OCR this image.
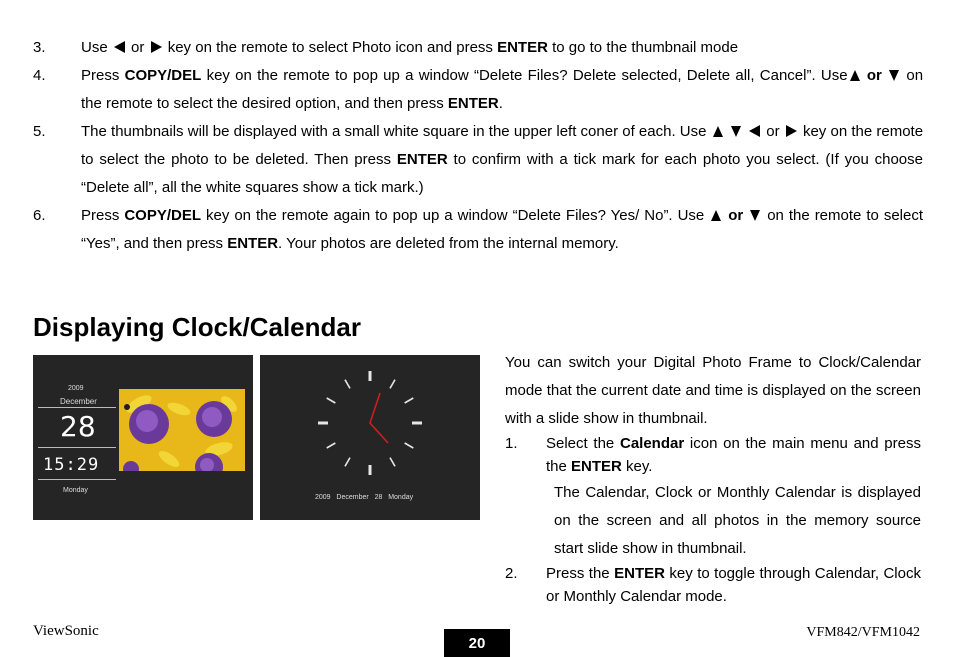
3. Use or key on the remote to select Photo icon and press ENTER to go to the thumbnail mode
4. Press COPY/DEL key on the remote to pop up a window “Delete Files? Delete selected, Delete all, Cancel”. Use or on the remote to select the desired option, and then press ENTER.
5. The thumbnails will be displayed with a small white square in the upper left coner of each. Use	or key on the remote to select the photo to be deleted. Then press ENTER to confirm with a tick mark for each photo you select. (If you choose “Delete all”, all the white squares show a tick mark.)
6. Press COPY/DEL key on the remote again to pop up a window “Delete Files? Yes/ No”. Use or on the remote to select “Yes”, and then press ENTER. Your photos are deleted from the internal memory.
Displaying Clock/Calendar
2009
December
28
15:29
Monday
2009 December 28 Monday
You can switch your Digital Photo Frame to Clock/Calendar mode that the current date and time is displayed on the screen with a slide show in thumbnail.
1. Select the Calendar icon on the main menu and press the ENTER key.
The Calendar, Clock or Monthly Calendar is displayed on the screen and all photos in the memory source start slide show in thumbnail.
2. Press the ENTER key to toggle through Calendar, Clock or Monthly Calendar mode.
ViewSonic
20
VFM842/VFM1042
